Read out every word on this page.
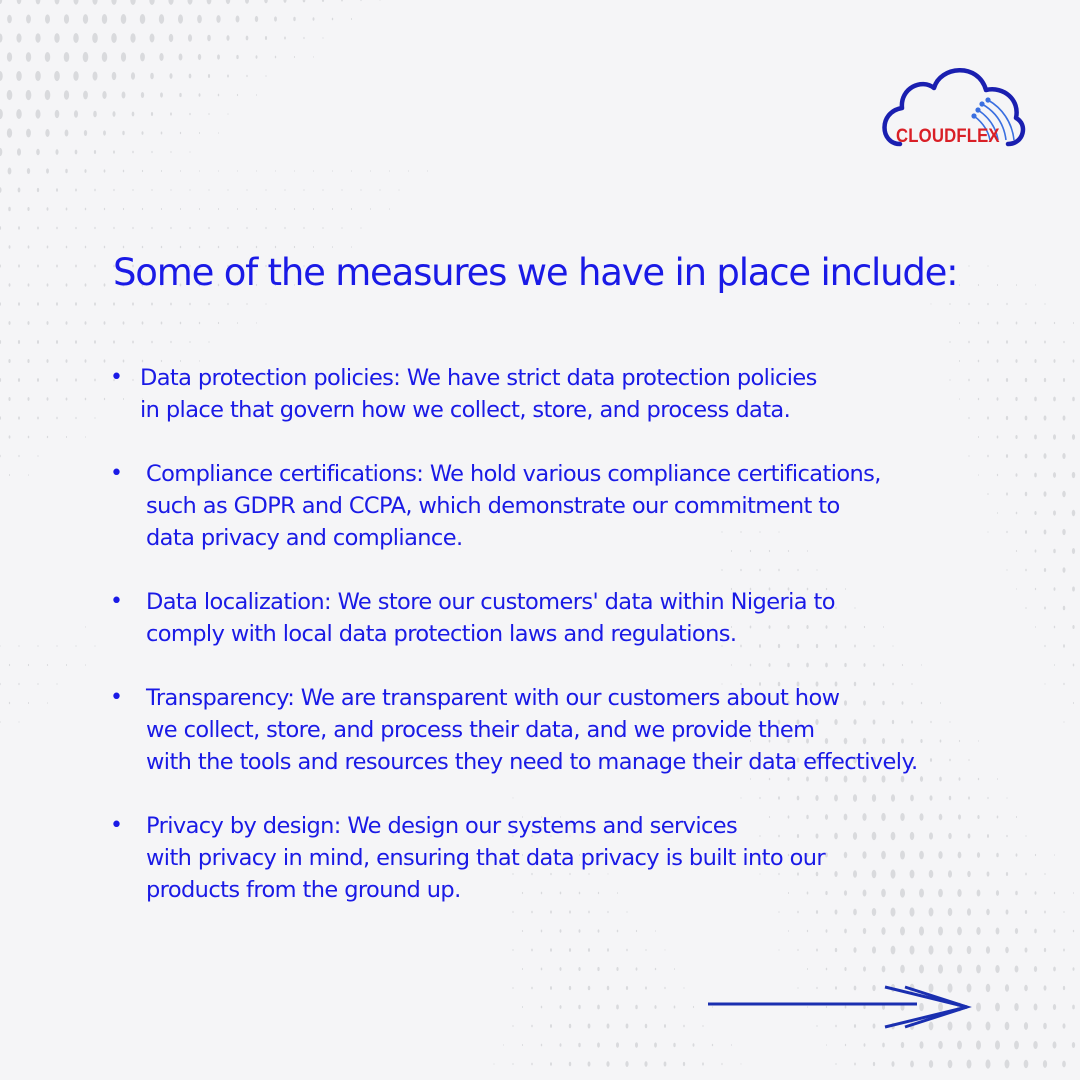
CLOUDFLEX
Some of the measures we have in place include:
• Data protection policies: We have strict data protection policies
in place that govern how we collect, store, and process data.
• Compliance certifications: We hold various compliance certifications,
such as GDPR and CCPA, which demonstrate our commitment to
data privacy and compliance.
• Data localization: We store our customers' data within Nigeria to
comply with local data protection laws and regulations.
• Transparency: We are transparent with our customers about how
we collect, store, and process their data, and we provide them
with the tools and resources they need to manage their data effectively.
• Privacy by design: We design our systems and services
with privacy in mind, ensuring that data privacy is built into our
products from the ground up.
